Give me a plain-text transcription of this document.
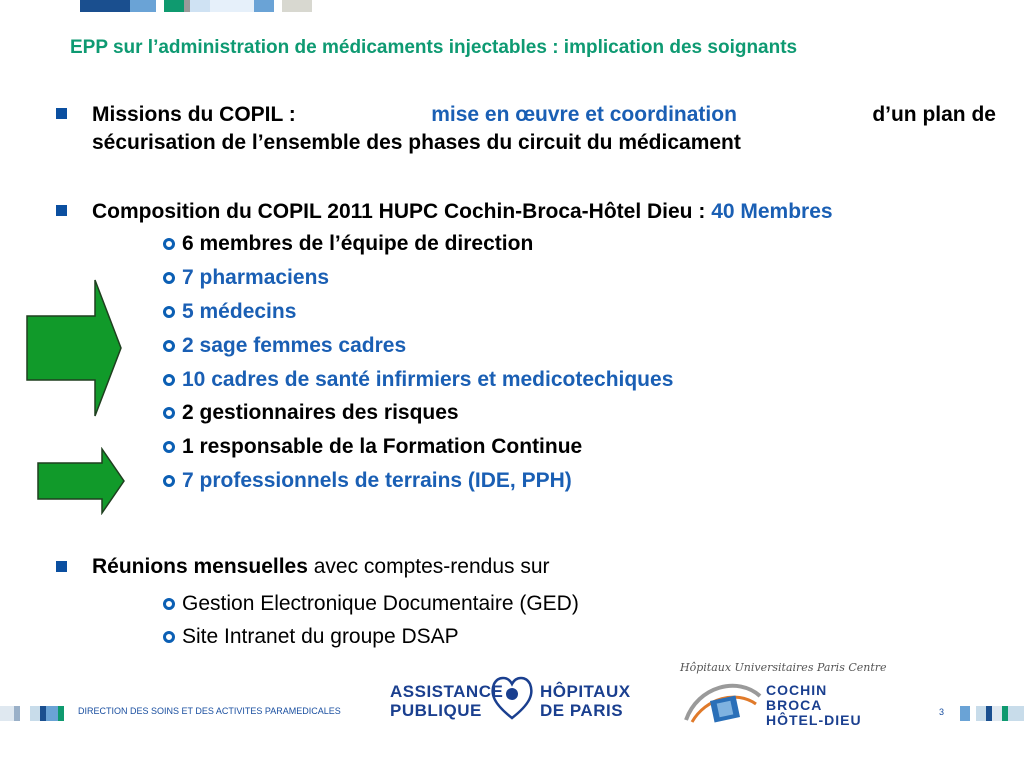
EPP sur l’administration de médicaments injectables : implication des soignants
Missions du COPIL :	mise en œuvre et coordination	d’un plan de
sécurisation de l’ensemble des phases du circuit du médicament
Composition du COPIL 2011 HUPC Cochin-Broca-Hôtel Dieu : 40 Membres
6 membres de l’équipe de direction
7 pharmaciens
5 médecins
2 sage femmes cadres
10 cadres de santé infirmiers et medicotechiques
2 gestionnaires des risques
1 responsable de la Formation Continue
7 professionnels de terrains (IDE, PPH)
Réunions mensuelles avec comptes-rendus sur
Gestion Electronique Documentaire (GED)
Site Intranet du groupe DSAP
DIRECTION DES SOINS ET DES ACTIVITES PARAMEDICALES
ASSISTANCE
PUBLIQUE
HÔPITAUX
DE PARIS
Hôpitaux Universitaires Paris Centre
COCHIN
BROCA
HÔTEL-DIEU	3
